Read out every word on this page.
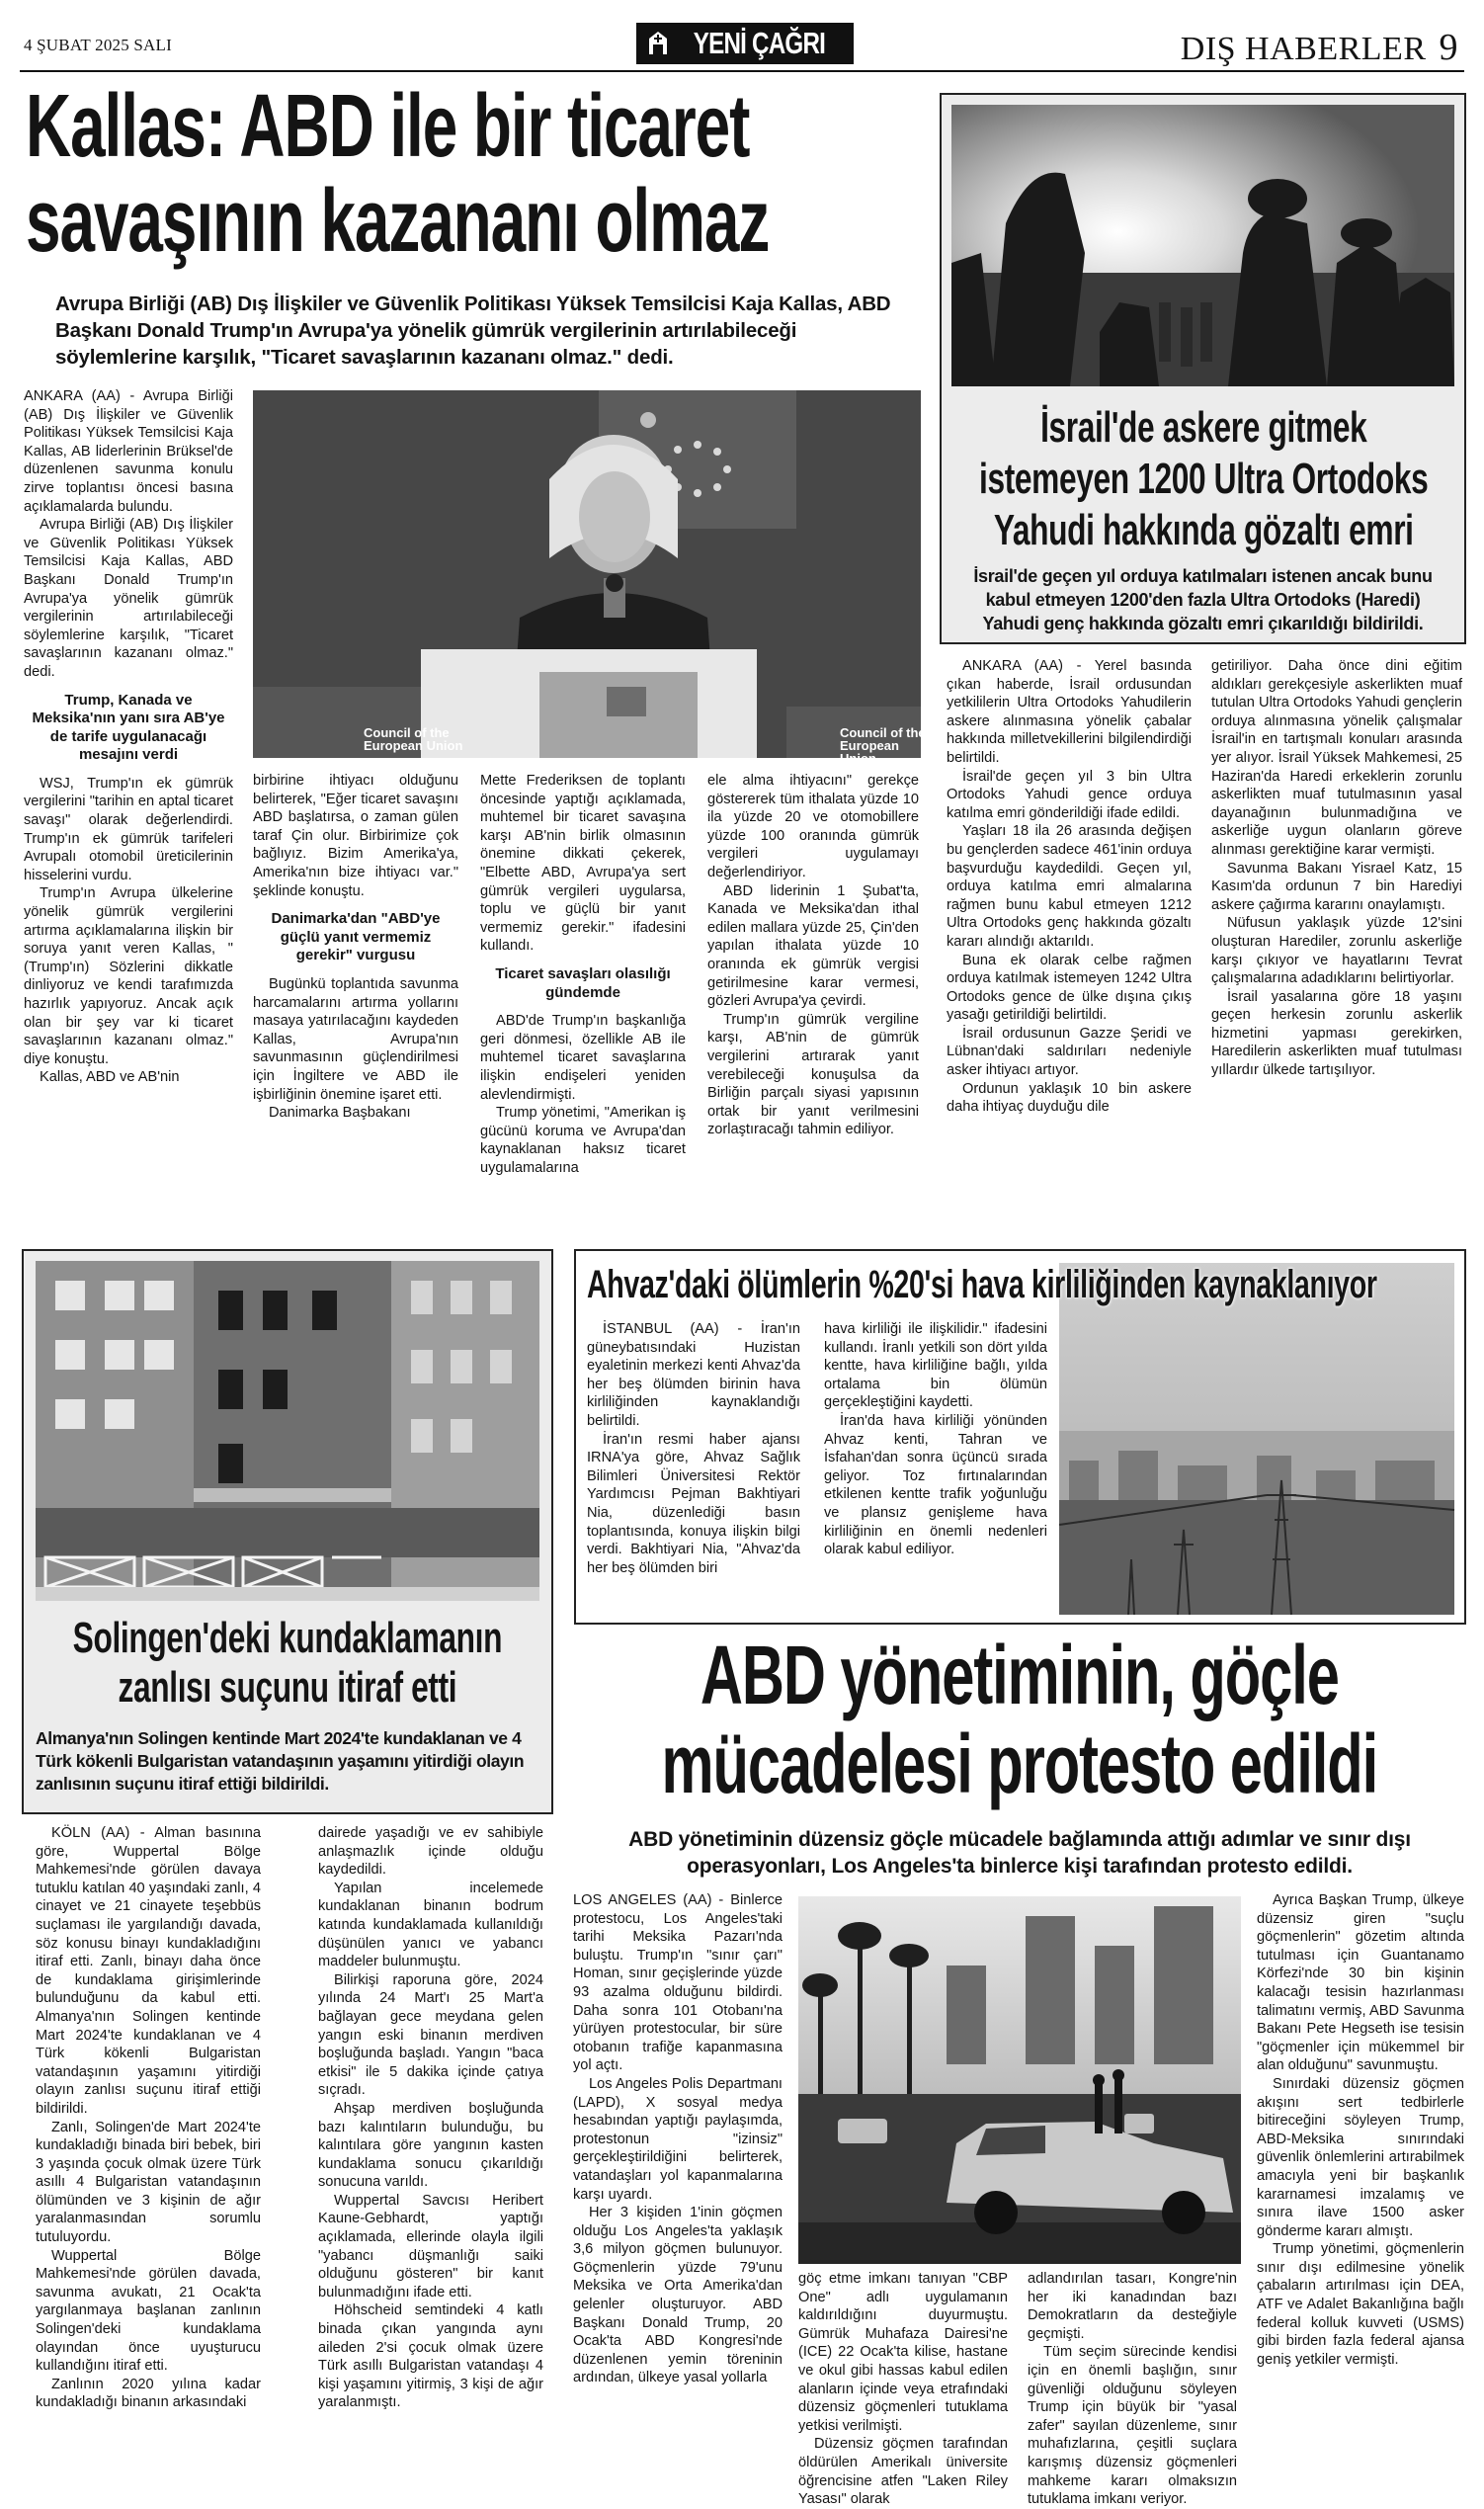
4 ŞUBAT 2025 SALI	YENİ ÇAĞRI	DIŞ HABERLER 9
Kallas: ABD ile bir ticaret
savaşının kazananı olmaz
Avrupa Birliği (AB) Dış İlişkiler ve Güvenlik Politikası Yüksek Temsilcisi Kaja Kallas, ABD Başkanı Donald Trump'ın Avrupa'ya yönelik gümrük vergilerinin artırılabileceği söylemlerine karşılık, "Ticaret savaşlarının kazananı olmaz." dedi.

ANKARA (AA) - Avrupa Birliği (AB) Dış İlişkiler ve Güvenlik Politikası Yüksek Temsilcisi Kaja Kallas, AB liderlerinin Brüksel'de düzenlenen savunma konulu zirve toplantısı öncesi basına açıklamalarda bulundu.

Avrupa Birliği (AB) Dış İlişkiler ve Güvenlik Politikası Yüksek Temsilcisi Kaja Kallas, ABD Başkanı Donald Trump'ın Avrupa'ya yönelik gümrük vergilerinin artırılabileceği söylemlerine karşılık, "Ticaret savaşlarının kazananı olmaz." dedi.

Trump, Kanada ve Meksika'nın yanı sıra AB'ye de tarife uygulanacağı mesajını verdi

WSJ, Trump'ın ek gümrük vergilerini "tarihin en aptal ticaret savaşı" olarak değerlendirdi. Trump'ın ek gümrük tarifeleri Avrupalı otomobil üreticilerinin hisselerini vurdu.

Trump'ın Avrupa ülkelerine yönelik gümrük vergilerini artırma açıklamalarına ilişkin bir soruya yanıt veren Kallas, "(Trump'ın) Sözlerini dikkatle dinliyoruz ve kendi tarafımızda hazırlık yapıyoruz. Ancak açık olan bir şey var ki ticaret savaşlarının kazananı olmaz." diye konuştu.

Kallas, ABD ve AB'nin

Council of the European Union
Council of the European Union

birbirine ihtiyacı olduğunu belirterek, "Eğer ticaret savaşını ABD başlatırsa, o zaman gülen taraf Çin olur. Birbirimize çok bağlıyız. Bizim Amerika'ya, Amerika'nın bize ihtiyacı var." şeklinde konuştu.

Danimarka'dan "ABD'ye güçlü yanıt vermemiz gerekir" vurgusu

Bugünkü toplantıda savunma harcamalarını artırma yollarını masaya yatırılacağını kaydeden Kallas, Avrupa'nın savunmasının güçlendirilmesi için İngiltere ve ABD ile işbirliğinin önemine işaret etti.

Danimarka Başbakanı

Mette Frederiksen de toplantı öncesinde yaptığı açıklamada, muhtemel bir ticaret savaşına karşı AB'nin birlik olmasının önemine dikkati çekerek, "Elbette ABD, Avrupa'ya sert gümrük vergileri uygularsa, toplu ve güçlü bir yanıt vermemiz gerekir." ifadesini kullandı.

Ticaret savaşları olasılığı gündemde

ABD'de Trump'ın başkanlığa geri dönmesi, özellikle AB ile muhtemel ticaret savaşlarına ilişkin endişeleri yeniden alevlendirmişti.

Trump yönetimi, "Amerikan iş gücünü koruma ve Avrupa'dan kaynaklanan haksız ticaret uygulamalarına

ele alma ihtiyacını" gerekçe göstererek tüm ithalata yüzde 10 ila yüzde 20 ve otomobillere yüzde 100 oranında gümrük vergileri uygulamayı değerlendiriyor.

ABD liderinin 1 Şubat'ta, Kanada ve Meksika'dan ithal edilen mallara yüzde 25, Çin'den yapılan ithalata yüzde 10 oranında ek gümrük vergisi getirilmesine karar vermesi, gözleri Avrupa'ya çevirdi.

Trump'ın gümrük vergiline karşı, AB'nin de gümrük vergilerini artırarak yanıt verebileceği konuşulsa da Birliğin parçalı siyasi yapısının ortak bir yanıt verilmesini zorlaştıracağı tahmin ediliyor.

İsrail'de askere gitmek
istemeyen 1200 Ultra Ortodoks
Yahudi hakkında gözaltı emri
İsrail'de geçen yıl orduya katılmaları istenen ancak bunu kabul etmeyen 1200'den fazla Ultra Ortodoks (Haredi) Yahudi genç hakkında gözaltı emri çıkarıldığı bildirildi.

ANKARA (AA) - Yerel basında çıkan haberde, İsrail ordusundan yetkililerin Ultra Ortodoks Yahudilerin askere alınmasına yönelik çabalar hakkında milletvekillerini bilgilendirdiği belirtildi.

İsrail'de geçen yıl 3 bin Ultra Ortodoks Yahudi gence orduya katılma emri gönderildiği ifade edildi.

Yaşları 18 ila 26 arasında değişen bu gençlerden sadece 461'inin orduya başvurduğu kaydedildi. Geçen yıl, orduya katılma emri almalarına rağmen bunu kabul etmeyen 1212 Ultra Ortodoks genç hakkında gözaltı kararı alındığı aktarıldı.

Buna ek olarak celbe rağmen orduya katılmak istemeyen 1242 Ultra Ortodoks gence de ülke dışına çıkış yasağı getirildiği belirtildi.

İsrail ordusunun Gazze Şeridi ve Lübnan'daki saldırıları nedeniyle asker ihtiyacı artıyor.

Ordunun yaklaşık 10 bin askere daha ihtiyaç duyduğu dile

getiriliyor. Daha önce dini eğitim aldıkları gerekçesiyle askerlikten muaf tutulan Ultra Ortodoks Yahudi gençlerin orduya alınmasına yönelik çalışmalar İsrail'in en tartışmalı konuları arasında yer alıyor. İsrail Yüksek Mahkemesi, 25 Haziran'da Haredi erkeklerin zorunlu askerlikten muaf tutulmasının yasal dayanağının bulunmadığına ve askerliğe uygun olanların göreve alınması gerektiğine karar vermişti.

Savunma Bakanı Yisrael Katz, 15 Kasım'da ordunun 7 bin Harediyi askere çağırma kararını onaylamıştı.

Nüfusun yaklaşık yüzde 12'sini oluşturan Harediler, zorunlu askerliğe karşı çıkıyor ve hayatlarını Tevrat çalışmalarına adadıklarını belirtiyorlar.

İsrail yasalarına göre 18 yaşını geçen herkesin zorunlu askerlik hizmetini yapması gerekirken, Haredilerin askerlikten muaf tutulması yıllardır ülkede tartışılıyor.

Solingen'deki kundaklamanın
zanlısı suçunu itiraf etti
Almanya'nın Solingen kentinde Mart 2024'te kundaklanan ve 4 Türk kökenli Bulgaristan vatandaşının yaşamını yitirdiği olayın zanlısının suçunu itiraf ettiği bildirildi.

KÖLN (AA) - Alman basınına göre, Wuppertal Bölge Mahkemesi'nde görülen davaya tutuklu katılan 40 yaşındaki zanlı, 4 cinayet ve 21 cinayete teşebbüs suçlaması ile yargılandığı davada, söz konusu binayı kundakladığını itiraf etti. Zanlı, binayı daha önce de kundaklama girişimlerinde bulunduğunu da kabul etti. Almanya'nın Solingen kentinde Mart 2024'te kundaklanan ve 4 Türk kökenli Bulgaristan vatandaşının yaşamını yitirdiği olayın zanlısı suçunu itiraf ettiği bildirildi.

Zanlı, Solingen'de Mart 2024'te kundakladığı binada biri bebek, biri 3 yaşında çocuk olmak üzere Türk asıllı 4 Bulgaristan vatandaşının ölümünden ve 3 kişinin de ağır yaralanmasından sorumlu tutuluyordu.

Wuppertal Bölge Mahkemesi'nde görülen davada, savunma avukatı, 21 Ocak'ta yargılanmaya başlanan zanlının Solingen'deki kundaklama olayından önce uyuşturucu kullandığını itiraf etti.

Zanlının 2020 yılına kadar kundakladığı binanın arkasındaki

dairede yaşadığı ve ev sahibiyle anlaşmazlık içinde olduğu kaydedildi.

Yapılan incelemede kundaklanan binanın bodrum katında kundaklamada kullanıldığı düşünülen yanıcı ve yabancı maddeler bulunmuştu.

Bilirkişi raporuna göre, 2024 yılında 24 Mart'ı 25 Mart'a bağlayan gece meydana gelen yangın eski binanın merdiven boşluğunda başladı. Yangın "baca etkisi" ile 5 dakika içinde çatıya sıçradı.

Ahşap merdiven boşluğunda bazı kalıntıların bulunduğu, bu kalıntılara göre yangının kasten kundaklama sonucu çıkarıldığı sonucuna varıldı.

Wuppertal Savcısı Heribert Kaune-Gebhardt, yaptığı açıklamada, ellerinde olayla ilgili "yabancı düşmanlığı saiki olduğunu gösteren" bir kanıt bulunmadığını ifade etti.

Höhscheid semtindeki 4 katlı binada çıkan yangında aynı aileden 2'si çocuk olmak üzere Türk asıllı Bulgaristan vatandaşı 4 kişi yaşamını yitirmiş, 3 kişi de ağır yaralanmıştı.

Ahvaz'daki ölümlerin %20'si hava kirliliğinden kaynaklanıyor

İSTANBUL (AA) - İran'ın güneybatısındaki Huzistan eyaletinin merkezi kenti Ahvaz'da her beş ölümden birinin hava kirliliğinden kaynaklandığı belirtildi.

İran'ın resmi haber ajansı IRNA'ya göre, Ahvaz Sağlık Bilimleri Üniversitesi Rektör Yardımcısı Pejman Bakhtiyari Nia, düzenlediği basın toplantısında, konuya ilişkin bilgi verdi. Bakhtiyari Nia, "Ahvaz'da her beş ölümden biri

hava kirliliği ile ilişkilidir." ifadesini kullandı. İranlı yetkili son dört yılda kentte, hava kirliliğine bağlı, yılda ortalama bin ölümün gerçekleştiğini kaydetti.

İran'da hava kirliliği yönünden Ahvaz kenti, Tahran ve İsfahan'dan sonra üçüncü sırada geliyor. Toz fırtınalarından etkilenen kentte trafik yoğunluğu ve plansız genişleme hava kirliliğinin en önemli nedenleri olarak kabul ediliyor.

ABD yönetiminin, göçle
mücadelesi protesto edildi
ABD yönetiminin düzensiz göçle mücadele bağlamında attığı adımlar ve sınır dışı operasyonları, Los Angeles'ta binlerce kişi tarafından protesto edildi.

LOS ANGELES (AA) - Binlerce protestocu, Los Angeles'taki tarihi Meksika Pazarı'nda buluştu. Trump'ın "sınır çarı" Homan, sınır geçişlerinde yüzde 93 azalma olduğunu bildirdi. Daha sonra 101 Otobanı'na yürüyen protestocular, bir süre otobanın trafiğe kapanmasına yol açtı.

Los Angeles Polis Departmanı (LAPD), X sosyal medya hesabından yaptığı paylaşımda, protestonun "izinsiz" gerçekleştirildiğini belirterek, vatandaşları yol kapanmalarına karşı uyardı.

Her 3 kişiden 1'inin göçmen olduğu Los Angeles'ta yaklaşık 3,6 milyon göçmen bulunuyor. Göçmenlerin yüzde 79'unu Meksika ve Orta Amerika'dan gelenler oluşturuyor. ABD Başkanı Donald Trump, 20 Ocak'ta ABD Kongresi'nde düzenlenen yemin töreninin ardından, ülkeye yasal yollarla

göç etme imkanı tanıyan "CBP One" adlı uygulamanın kaldırıldığını duyurmuştu. Gümrük Muhafaza Dairesi'ne (ICE) 22 Ocak'ta kilise, hastane ve okul gibi hassas kabul edilen alanların içinde veya etrafındaki düzensiz göçmenleri tutuklama yetkisi verilmişti.

Düzensiz göçmen tarafından öldürülen Amerikalı üniversite öğrencisine atfen "Laken Riley Yasası" olarak

adlandırılan tasarı, Kongre'nin her iki kanadından bazı Demokratların da desteğiyle geçmişti.

Tüm seçim sürecinde kendisi için en önemli başlığın, sınır güvenliği olduğunu söyleyen Trump için büyük bir "yasal zafer" sayılan düzenleme, sınır muhafızlarına, çeşitli suçlara karışmış düzensiz göçmenleri mahkeme kararı olmaksızın tutuklama imkanı veriyor.

Ayrıca Başkan Trump, ülkeye düzensiz giren "suçlu göçmenlerin" gözetim altında tutulması için Guantanamo Körfezi'nde 30 bin kişinin kalacağı tesisin hazırlanması talimatını vermiş, ABD Savunma Bakanı Pete Hegseth ise tesisin "göçmenler için mükemmel bir alan olduğunu" savunmuştu.

Sınırdaki düzensiz göçmen akışını sert tedbirlerle bitireceğini söyleyen Trump, ABD-Meksika sınırındaki güvenlik önlemlerini artırabilmek amacıyla yeni bir başkanlık kararnamesi imzalamış ve sınıra ilave 1500 asker gönderme kararı almıştı.

Trump yönetimi, göçmenlerin sınır dışı edilmesine yönelik çabaların artırılması için DEA, ATF ve Adalet Bakanlığına bağlı federal kolluk kuvveti (USMS) gibi birden fazla federal ajansa geniş yetkiler vermişti.
